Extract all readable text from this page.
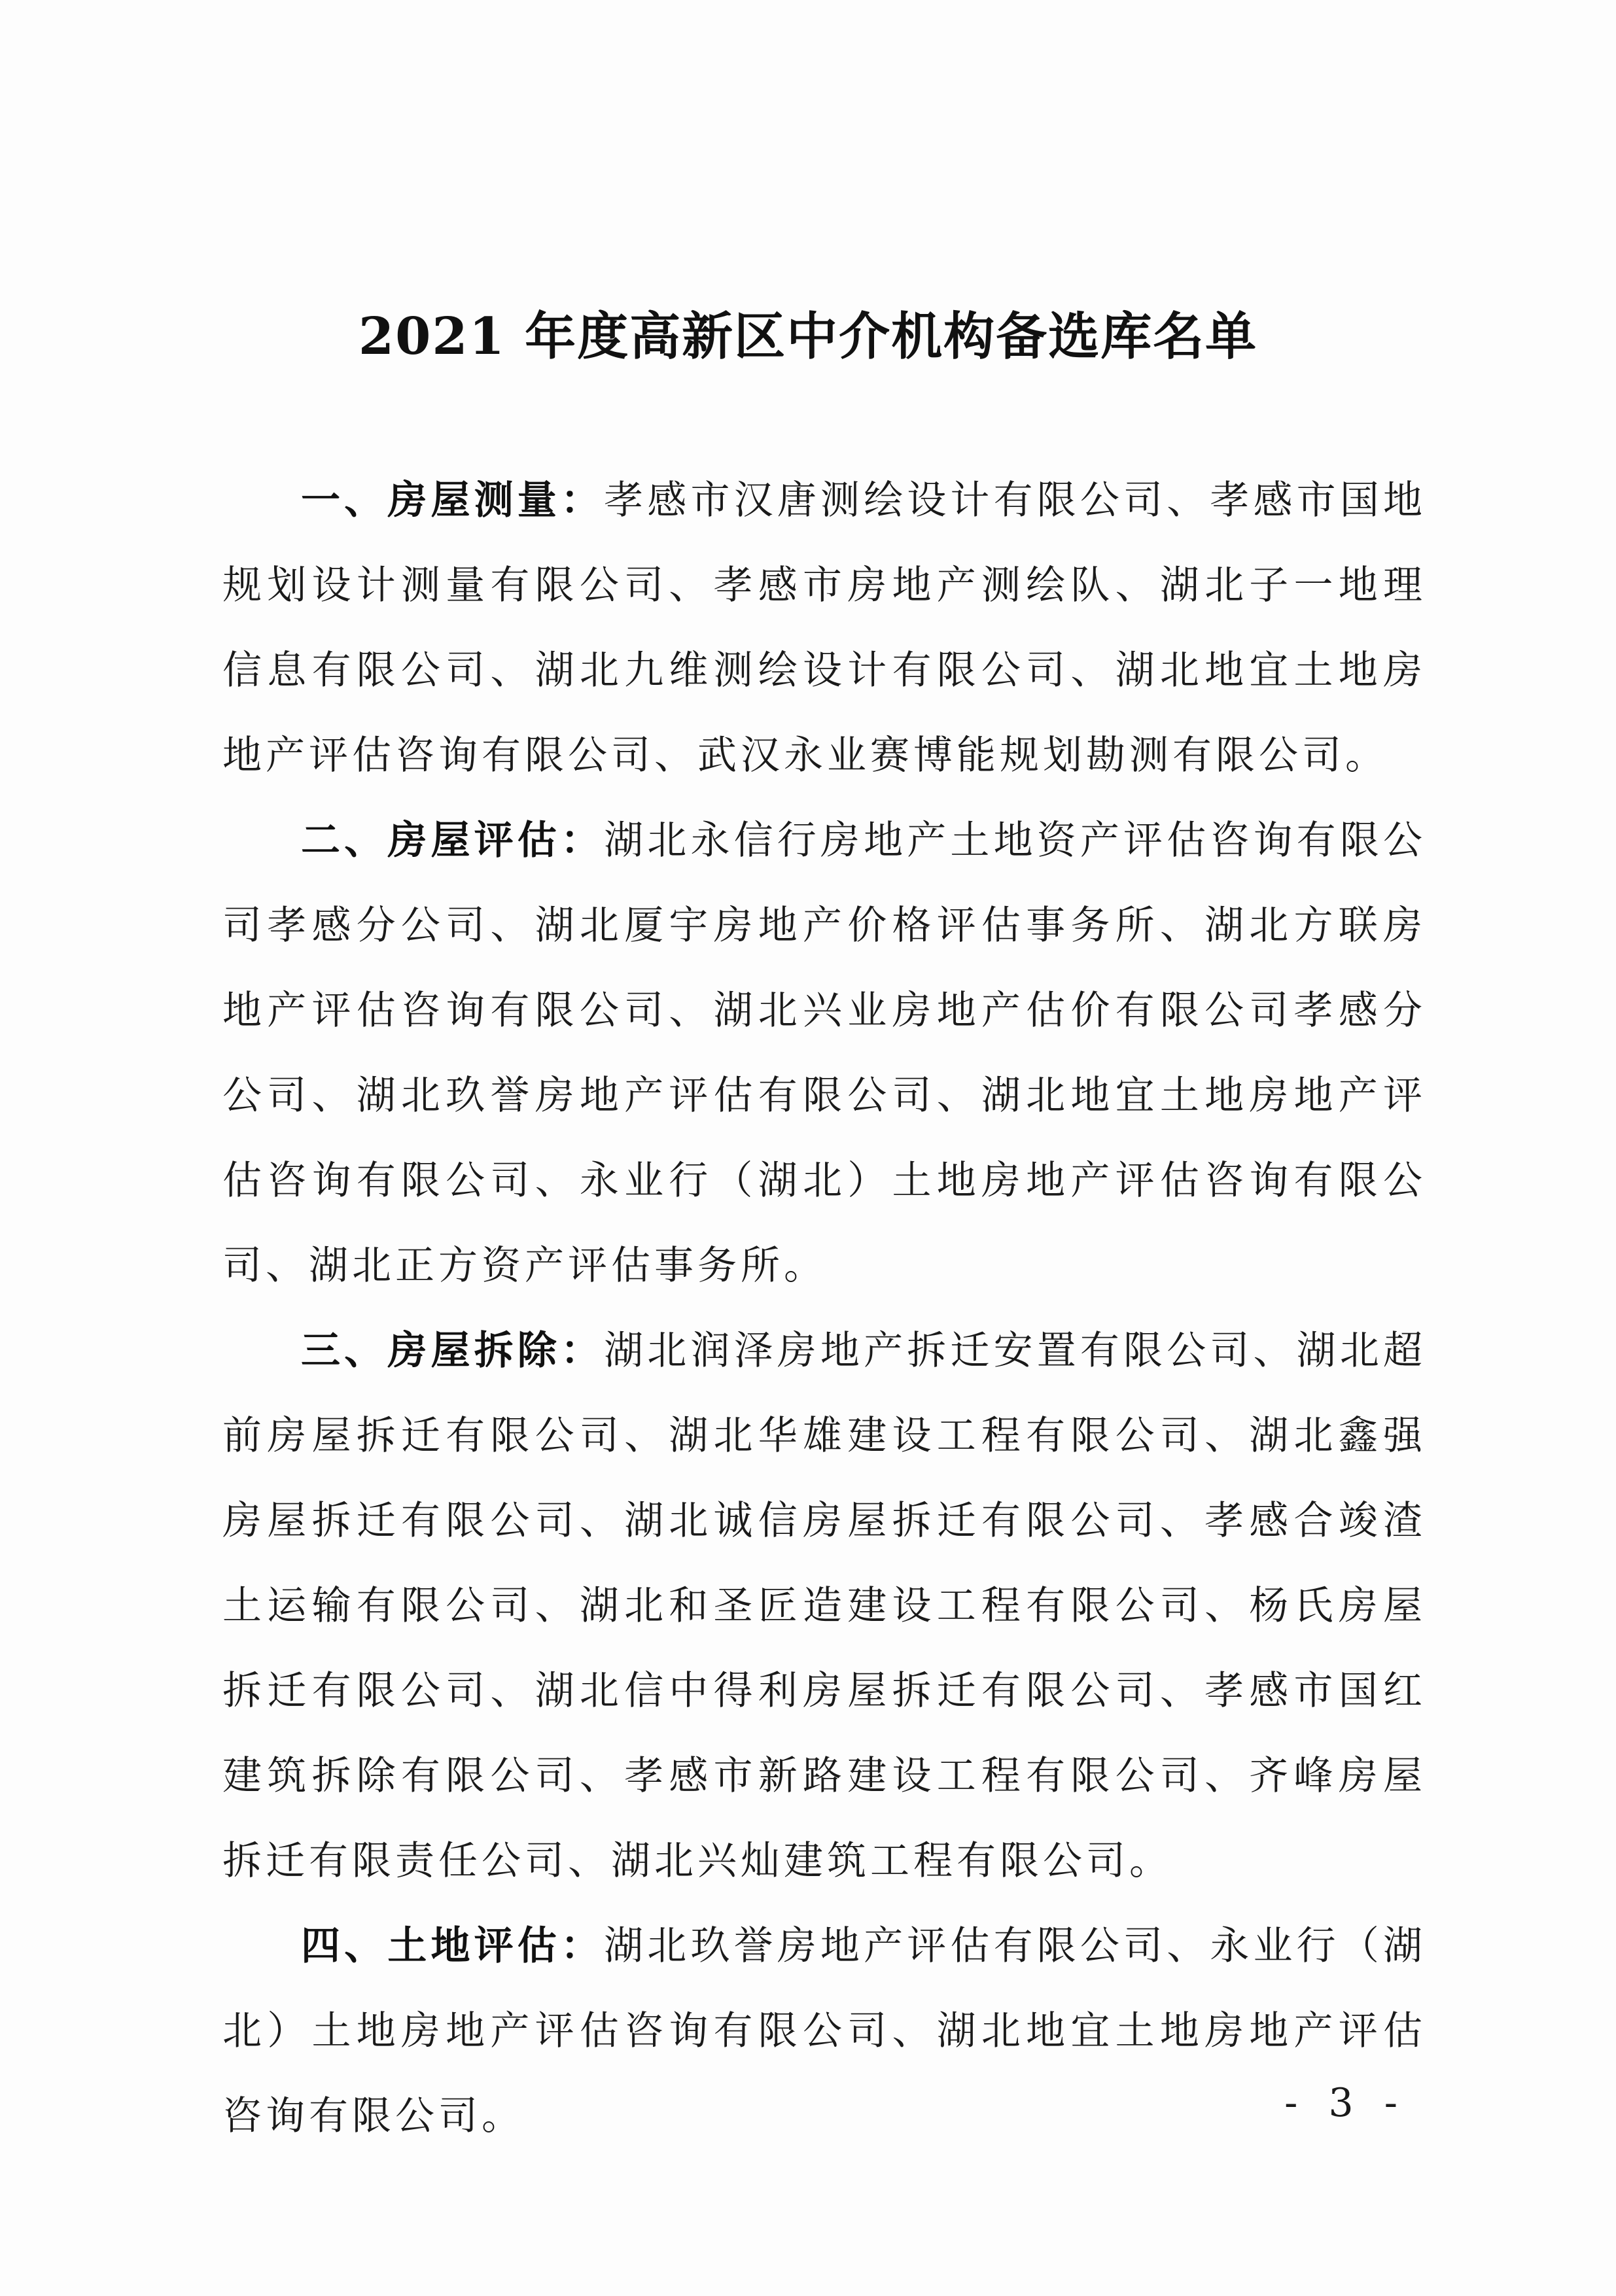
2021 年度高新区中介机构备选库名单

一、房屋测量：孝感市汉唐测绘设计有限公司、孝感市国地规划设计测量有限公司、孝感市房地产测绘队、湖北子一地理信息有限公司、湖北九维测绘设计有限公司、湖北地宜土地房地产评估咨询有限公司、武汉永业赛博能规划勘测有限公司。

二、房屋评估：湖北永信行房地产土地资产评估咨询有限公司孝感分公司、湖北厦宇房地产价格评估事务所、湖北方联房地产评估咨询有限公司、湖北兴业房地产估价有限公司孝感分公司、湖北玖誉房地产评估有限公司、湖北地宜土地房地产评估咨询有限公司、永业行（湖北）土地房地产评估咨询有限公司、湖北正方资产评估事务所。

三、房屋拆除：湖北润泽房地产拆迁安置有限公司、湖北超前房屋拆迁有限公司、湖北华雄建设工程有限公司、湖北鑫强房屋拆迁有限公司、湖北诚信房屋拆迁有限公司、孝感合竣渣土运输有限公司、湖北和圣匠造建设工程有限公司、杨氏房屋拆迁有限公司、湖北信中得利房屋拆迁有限公司、孝感市国红建筑拆除有限公司、孝感市新路建设工程有限公司、齐峰房屋拆迁有限责任公司、湖北兴灿建筑工程有限公司。

四、土地评估：湖北玖誉房地产评估有限公司、永业行（湖北）土地房地产评估咨询有限公司、湖北地宜土地房地产评估咨询有限公司。	- 3 -
